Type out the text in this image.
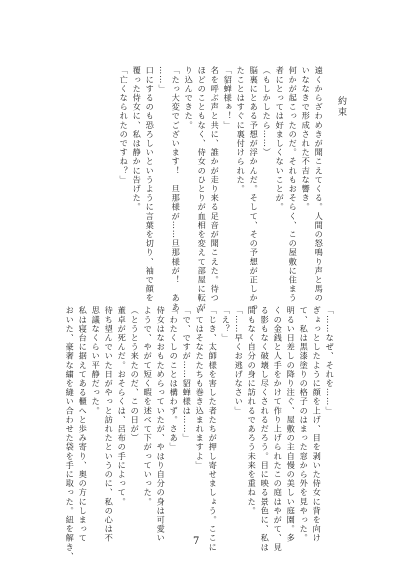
約束
遠くからざわめきが聞こえてくる。人間の怒鳴り声と馬の
いななきで形成された不吉な響き。
何かが起こったのだ。それもおそらく、この屋敷に住まう
者にとっては好ましくないことが。
（もしかしたら……）
脳裏にとある予想が浮かんだ。そして、その予想が正しかっ
たことはすぐに裏付けられた。
「貂蝉様ぁ！」
名を呼ぶ声と共に、誰かが走り来る足音が聞こえた。待つ
ほどのこともなく、侍女のひとりが血相を変えて部屋に転が
り込んできた。
「たっ大変でございます！　旦那様が……旦那様が！　ああ
……」
口にするのも恐ろしいというように言葉を切り、袖で顔を
覆った侍女に、私は静かに告げた。
「亡くなられたのですね？」
「……なぜ、それを……」
ぎょっとしたように顔を上げ、目を剥いた侍女に背を向け
て、私は黒漆塗りの格子のはまった窓から外を見やった。
明るい日差しの降り注ぐ、屋敷の主自慢の美しい庭園。多
くの金銭と人手をかけて作り上げられたこの庭はやがて、見
る影もなく破壊し尽くされるだろう。目に映る景色に、私は
間もなく自分の身に訪れるであろう未来を重ねた。
「……早くお逃げなさい」
「え？」
「じき、太師様を害した者たちが押し寄せましょう。ここに
いてはそなたたちも巻き込まれますよ」
「で、ですが……貂蝉様は……」
「わたくしのことは構わず。さあ」
侍女はなおもためらっていたが、やはり自分の身は可愛い
ようで、やがて短く暇を述べて下がっていった。
（とうとう来たのだ、この日が）
董卓が死んだ。おそらくは、呂布の手によって。
待ち望んでいた日がやっと訪れたというのに、私の心は不
思議なくらい平静だった。
私は寝台に据えてある櫃へと歩み寄り、奥の方にしまって
おいた、豪奢な繍を縫い合わせた袋を手に取った。紐を解き、	7
